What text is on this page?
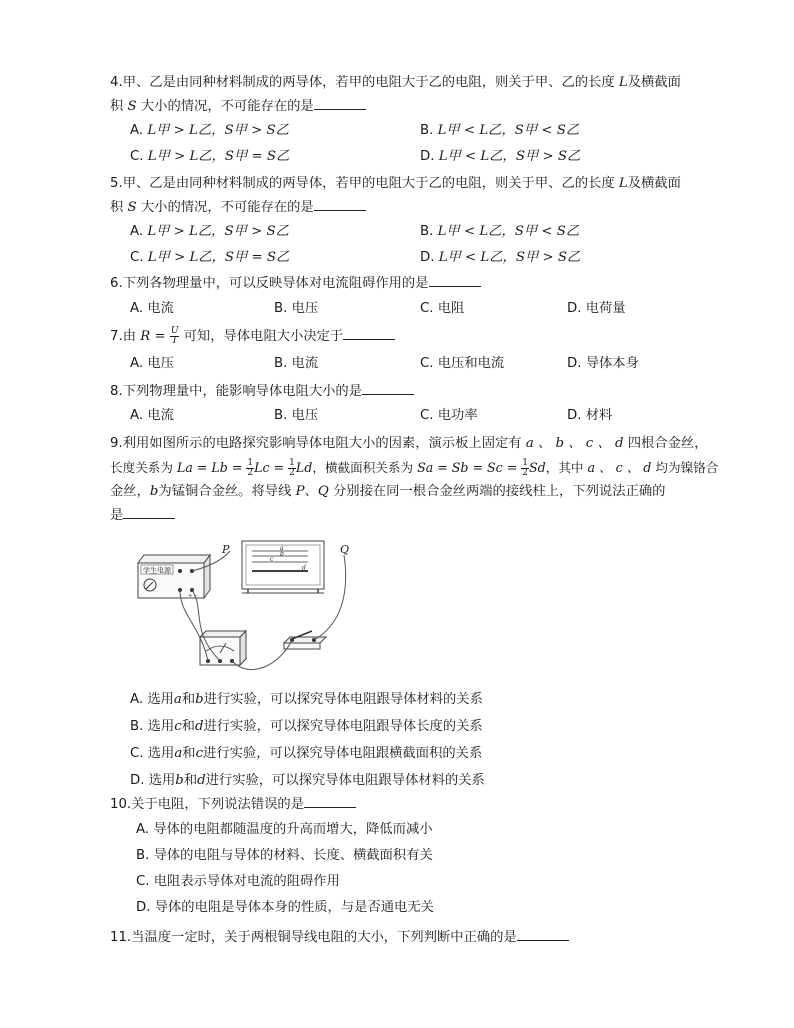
4.甲、乙是由同种材料制成的两导体，若甲的电阻大于乙的电阻，则关于甲、乙的长度 L及横截面
积 S 大小的情况，不可能存在的是
A. L甲 > L乙，S甲 > S乙	B. L甲 < L乙，S甲 < S乙
C. L甲 > L乙，S甲 = S乙	D. L甲 < L乙，S甲 > S乙
5.甲、乙是由同种材料制成的两导体，若甲的电阻大于乙的电阻，则关于甲、乙的长度 L及横截面
积 S 大小的情况，不可能存在的是
A. L甲 > L乙，S甲 > S乙	B. L甲 < L乙，S甲 < S乙
C. L甲 > L乙，S甲 = S乙	D. L甲 < L乙，S甲 > S乙
6.下列各物理量中，可以反映导体对电流阻碍作用的是
A. 电流	B. 电压	C. 电阻	D. 电荷量
7.由 $R = \frac{U}{I}$ 可知，导体电阻大小决定于
A. 电压	B. 电流	C. 电压和电流	D. 导体本身
8.下列物理量中，能影响导体电阻大小的是
A. 电流	B. 电压	C. 电功率	D. 材料
9.利用如图所示的电路探究影响导体电阻大小的因素，演示板上固定有 a 、 b 、 c 、 d 四根合金丝，
长度关系为 $La = Lb = \frac{1}{2}$ $Lc = \frac{1}{2}$ Ld，横截面积关系为 $Sa = Sb = Sc = \frac{1}{2}$ Sd，其中 a 、 c 、 d 均为镍铬合
金丝，b为锰铜合金丝。将导线 P、Q 分别接在同一根合金丝两端的接线柱上，下列说法正确的
是
学生电源
+ −
a
b
c
d
P	Q
A. 选用a和b进行实验，可以探究导体电阻跟导体材料的关系
B. 选用c和d进行实验，可以探究导体电阻跟导体长度的关系
C. 选用a和c进行实验，可以探究导体电阻跟横截面积的关系
D. 选用b和d进行实验，可以探究导体电阻跟导体材料的关系
10.关于电阻，下列说法错误的是
A. 导体的电阻都随温度的升高而增大，降低而减小
B. 导体的电阻与导体的材料、长度、横截面积有关
C. 电阻表示导体对电流的阻碍作用
D. 导体的电阻是导体本身的性质，与是否通电无关
11.当温度一定时，关于两根铜导线电阻的大小，下列判断中正确的是
